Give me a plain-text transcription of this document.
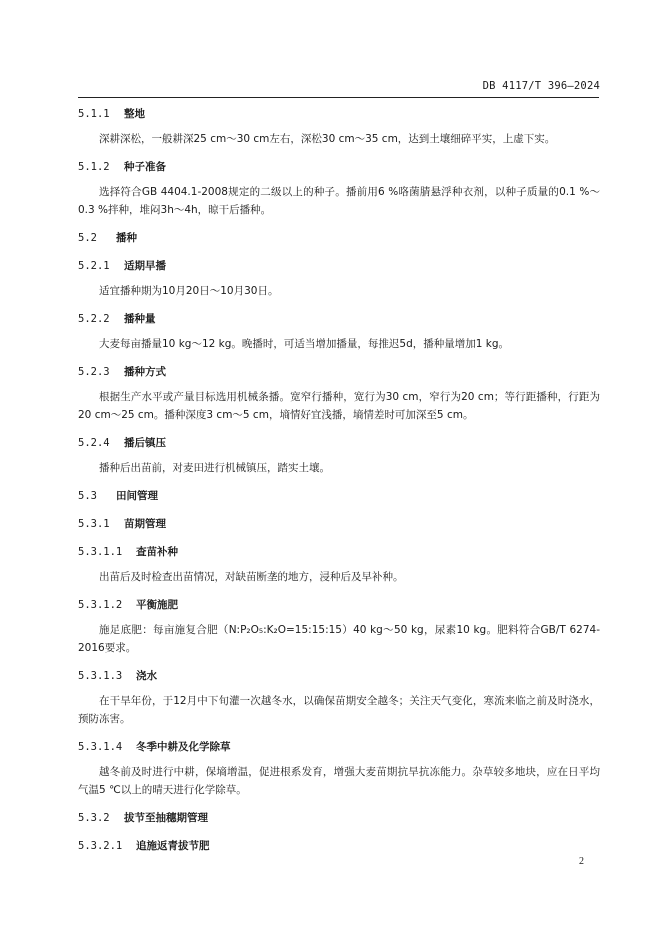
DB 4117/T 396—2024
5.1.1 整地
深耕深松，一般耕深25 cm～30 cm左右，深松30 cm～35 cm，达到土壤细碎平实，上虚下实。
5.1.2 种子准备
选择符合GB 4404.1-2008规定的二级以上的种子。播前用6 %咯菌腈悬浮种衣剂，以种子质量的0.1 %～0.3 %拌种，堆闷3h～4h，晾干后播种。
5.2 播种
5.2.1 适期早播
适宜播种期为10月20日～10月30日。
5.2.2 播种量
大麦每亩播量10 kg～12 kg。晚播时，可适当增加播量，每推迟5d，播种量增加1 kg。
5.2.3 播种方式
根据生产水平或产量目标选用机械条播。宽窄行播种，宽行为30 cm，窄行为20 cm；等行距播种，行距为20 cm～25 cm。播种深度3 cm～5 cm，墒情好宜浅播，墒情差时可加深至5 cm。
5.2.4 播后镇压
播种后出苗前，对麦田进行机械镇压，踏实土壤。
5.3 田间管理
5.3.1 苗期管理
5.3.1.1 查苗补种
出苗后及时检查出苗情况，对缺苗断垄的地方，浸种后及早补种。
5.3.1.2 平衡施肥
施足底肥：每亩施复合肥（N:P₂O₅:K₂O=15:15:15）40 kg～50 kg，尿素10 kg。肥料符合GB/T 6274-2016要求。
5.3.1.3 浇水
在干旱年份，于12月中下旬灌一次越冬水，以确保苗期安全越冬；关注天气变化，寒流来临之前及时浇水，预防冻害。
5.3.1.4 冬季中耕及化学除草
越冬前及时进行中耕，保墒增温，促进根系发育，增强大麦苗期抗旱抗冻能力。杂草较多地块，应在日平均气温5 ℃以上的晴天进行化学除草。
5.3.2 拔节至抽穗期管理
5.3.2.1 追施返青拔节肥
2
